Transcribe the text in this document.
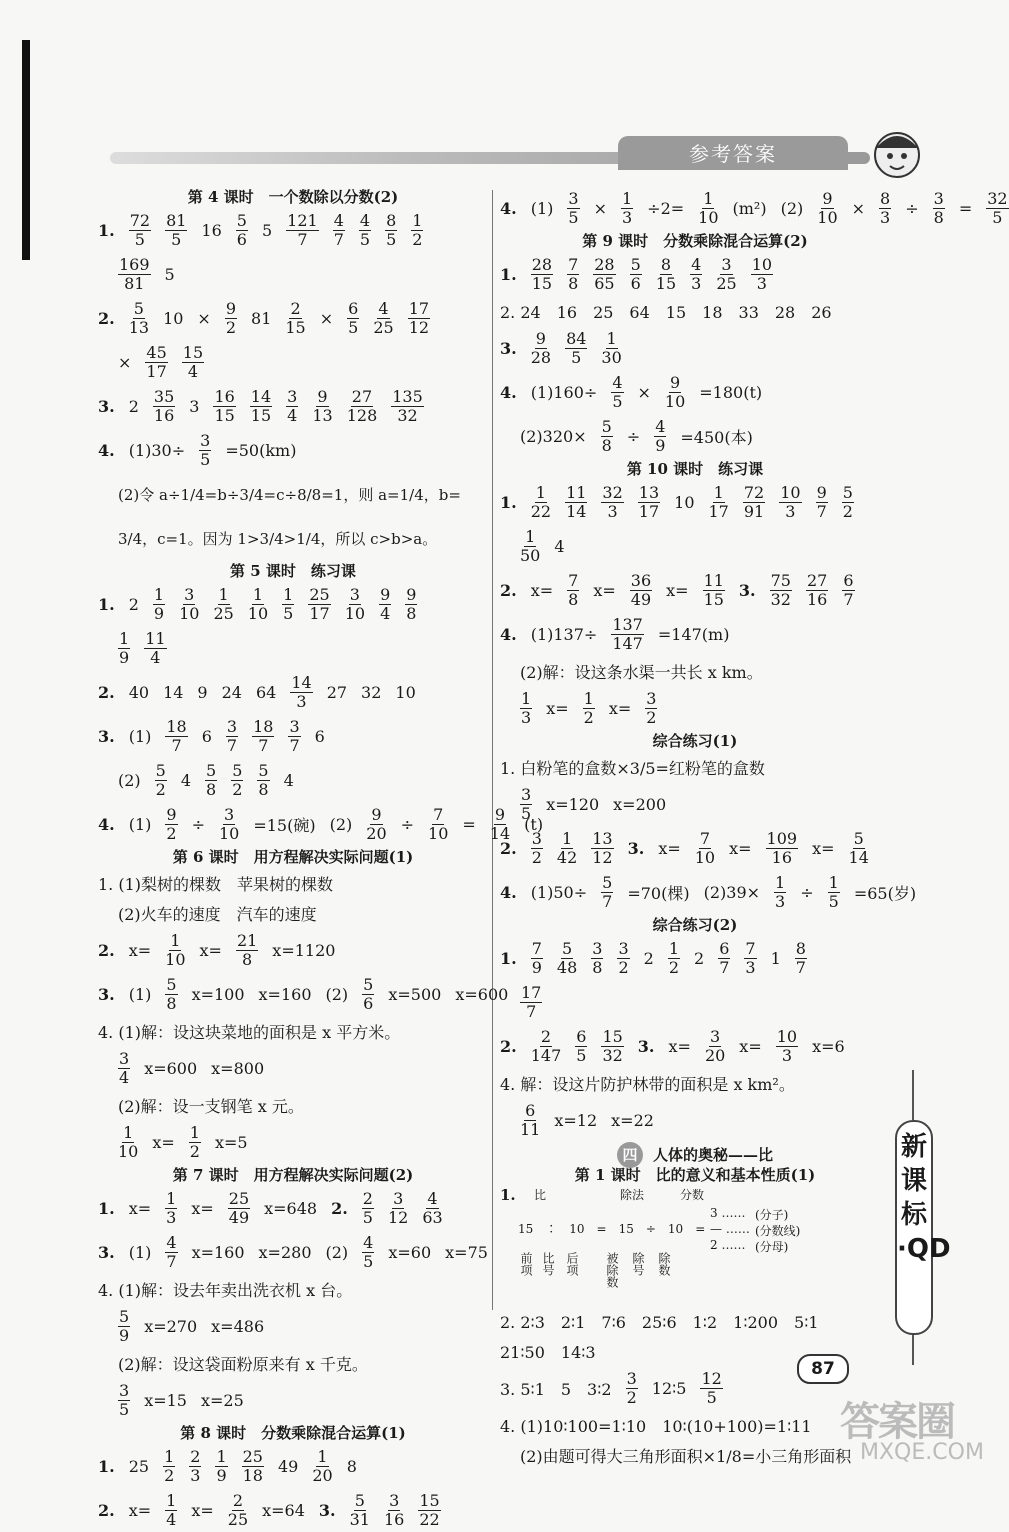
参考答案
第 4 课时　一个数除以分数(2)
1. $\frac{72}{5} \frac{81}{5} 16 \frac{5}{6} 5 \frac{121}{7} \frac{4}{7} \frac{4}{5} \frac{8}{5} \frac{1}{2}$
$\frac{169}{81} 5$
2. $\frac{5}{13} 10 \times \frac{9}{2} 81 \frac{2}{15} \times \frac{6}{5} \frac{4}{25} \frac{17}{12}$
× $\frac{45}{17} \frac{15}{4}$
3. $2 \frac{35}{16} 3 \frac{16}{15} \frac{14}{15} \frac{3}{4} \frac{9}{13} \frac{27}{128} \frac{135}{32}$
4. $(1)30\div \frac{3}{5} =50(km)$
(2)令 a÷1/4=b÷3/4=c÷8/8=1，则 a=1/4，b=
3/4，c=1。因为 1>3/4>1/4，所以 c>b>a。
第 5 课时　练习课
1. $2 \frac{1}{9} \frac{3}{10} \frac{1}{25} \frac{1}{10} \frac{1}{5} \frac{25}{17} \frac{3}{10} \frac{9}{4} \frac{9}{8}$
$\frac{1}{9} \frac{11}{4}$
2. 40 14 9 24 $64 \frac{14}{3} 27$ 32 10
3. $(1) \frac{18}{7} 6 \frac{3}{7} \frac{18}{7} \frac{3}{7} 6$
$(2) \frac{5}{2} 4 \frac{5}{8} \frac{5}{2} \frac{5}{8} 4$
4. $(1) \frac{9}{2} \div \frac{3}{10} =15$(碗) $(2) \frac{9}{20} \div \frac{7}{10} = \frac{9}{14} (t)$
第 6 课时　用方程解决实际问题(1)
1. (1)梨树的棵数　苹果树的棵数
(2)火车的速度　汽车的速度
2. $x= \frac{1}{10} x= \frac{21}{8} x=1120$
3. $(1) \frac{5}{8} x=100$ x=160 $(2) \frac{5}{6} x=500$ x=600
4. (1)解：设这块菜地的面积是 x 平方米。
$\frac{3}{4} x=600$ x=800
(2)解：设一支钢笔 x 元。
$\frac{1}{10} x= \frac{1}{2} x=5$
第 7 课时　用方程解决实际问题(2)
1. $x= \frac{1}{3} x= \frac{25}{49} x=648$ 2. $\frac{2}{5} \frac{3}{12} \frac{4}{63}$
3. $(1) \frac{4}{7} x=160$ x=280 $(2) \frac{4}{5} x=60$ x=75
4. (1)解：设去年卖出洗衣机 x 台。
$\frac{5}{9} x=270$ x=486
(2)解：设这袋面粉原来有 x 千克。
$\frac{3}{5} x=15$ x=25
第 8 课时　分数乘除混合运算(1)
1. $25 \frac{1}{2} \frac{2}{3} \frac{1}{9} \frac{25}{18} 49 \frac{1}{20} 8$
2. $x= \frac{1}{4} x= \frac{2}{25} x=64$ 3. $\frac{5}{31} \frac{3}{16} \frac{15}{22}$
4. $(1) \frac{3}{5} \times \frac{1}{3} \div 2= \frac{1}{10} (m^2)$ $(2) \frac{9}{10} \times \frac{8}{3} \div \frac{3}{8} = \frac{32}{5}$
第 9 课时　分数乘除混合运算(2)
1. $\frac{28}{15} \frac{7}{8} \frac{28}{65} \frac{5}{6} \frac{8}{15} \frac{4}{3} \frac{3}{25} \frac{10}{3}$
2. 24　16　25　64　15　18　33　28　26
3. $\frac{9}{28} \frac{84}{5} \frac{1}{30}$
4. $(1)160\div \frac{4}{5} \times \frac{9}{10} =180(t)$
$(2)320\times \frac{5}{8} \div \frac{4}{9} =450$(本)
第 10 课时　练习课
1. $\frac{1}{22} \frac{11}{14} \frac{32}{3} \frac{13}{17} 10 \frac{1}{17} \frac{72}{91} \frac{10}{3} \frac{9}{7} \frac{5}{2}$
$\frac{1}{50} 4$
2. $x= \frac{7}{8} x= \frac{36}{49} x= \frac{11}{15} 3$. $\frac{75}{32} \frac{27}{16} \frac{6}{7}$
4. $(1)137\div \frac{137}{147} =147(m)$
(2)解：设这条水渠一共长 x km。
$\frac{1}{3} x= \frac{1}{2} x= \frac{3}{2}$
综合练习(1)
1. 白粉笔的盒数×3/5=红粉笔的盒数
$\frac{3}{5} x=120$ x=200
2. $\frac{3}{2} \frac{1}{42} \frac{13}{12} 3$. $x= \frac{7}{10} x= \frac{109}{16} x= \frac{5}{14}$
4. $(1)50\div \frac{5}{7} =70$(棵) $(2)39\times \frac{1}{3} \div \frac{1}{5} =65$(岁)
综合练习(2)
1. $\frac{7}{9} \frac{5}{48} \frac{3}{8} \frac{3}{2} 2 \frac{1}{2} 2 \frac{6}{7} \frac{7}{3} 1 \frac{8}{7}$
$\frac{17}{7}$
2. $\frac{2}{147} \frac{6}{5} \frac{15}{32} 3$. $x= \frac{3}{20} x= \frac{10}{3} x=6$
4. 解：设这片防护林带的面积是 x km²。
$\frac{6}{11} x=12$ x=22
四 人体的奥秘——比
第 1 课时　比的意义和基本性质(1)
1. 比	除法	分数
15　∶　10　=　15　÷　10　=
3 …… (分子)
— …… (分数线)
2 …… (分母)
前项 比号 后项 被除数 除号 除数
2. 2∶3　2∶1　7∶6　25∶6　1∶2　1∶200　5∶1
21∶50　14∶3
3. 5∶1　5　3∶2 $\frac{3}{2}$ 12∶5 $\frac{12}{5}$
4. (1)10∶100=1∶10　10∶(10+100)=1∶11
(2)由题可得大三角形面积×1/8=小三角形面积
新课标·QD
87
答案圈
MXQE.COM
